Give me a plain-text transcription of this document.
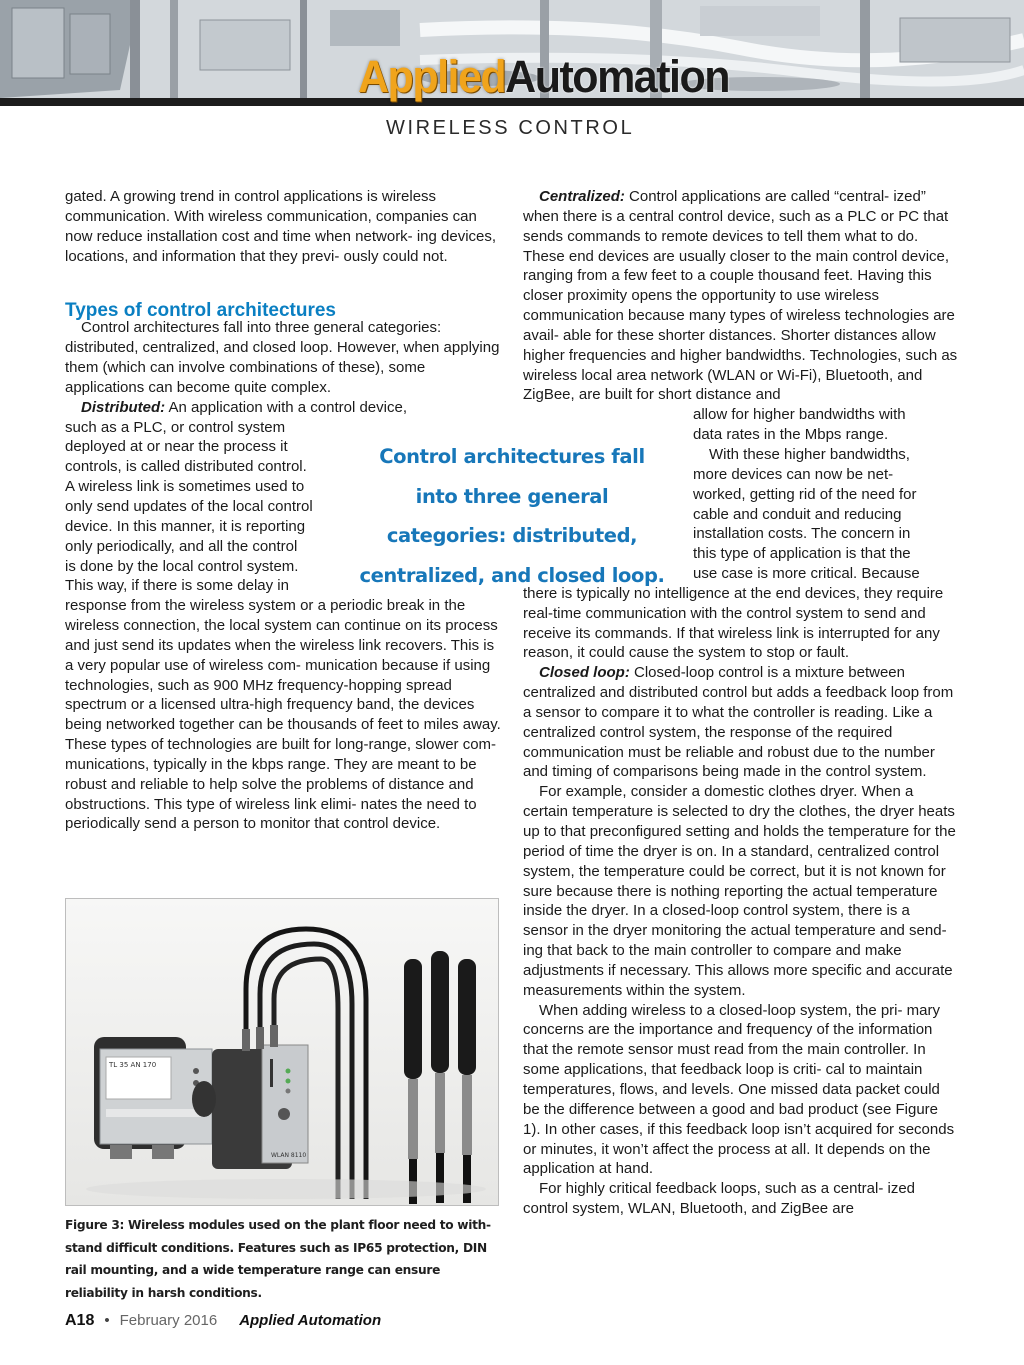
AppliedAutomation
WIRELESS CONTROL

gated. A growing trend in control applications is wireless communication. With wireless communication, companies can now reduce installation cost and time when network- ing devices, locations, and information that they previ- ously could not.

Control architectures fall into three general categories: distributed, centralized, and closed loop. However, when applying them (which can involve combinations of these), some applications can become quite complex.

Distributed: An application with a control device,

such as a PLC, or control system
deployed at or near the process it
controls, is called distributed control.
A wireless link is sometimes used to
only send updates of the local control
device. In this manner, it is reporting
only periodically, and all the control
is done by the local control system.
This way, if there is some delay in

response from the wireless system or a periodic break in the wireless connection, the local system can continue on its process and just send its updates when the wireless link recovers. This is a very popular use of wireless com- munication because if using technologies, such as 900 MHz frequency-hopping spread spectrum or a licensed ultra-high frequency band, the devices being networked together can be thousands of feet to miles away. These types of technologies are built for long-range, slower com- munications, typically in the kbps range. They are meant to be robust and reliable to help solve the problems of distance and obstructions. This type of wireless link elimi- nates the need to periodically send a person to monitor that control device.

Types of control architectures
Control architectures fall into three general categories: distributed, centralized, and closed loop.
TL 35 AN 170
WLAN 8110
Figure 3: Wireless modules used on the plant floor need to with- stand difficult conditions. Features such as IP65 protection, DIN rail mounting, and a wide temperature range can ensure reliability in harsh conditions.

Centralized: Control applications are called “central- ized” when there is a central control device, such as a PLC or PC that sends commands to remote devices to tell them what to do. These end devices are usually closer to the main control device, ranging from a few feet to a couple thousand feet. Having this closer proximity opens the opportunity to use wireless communication because many types of wireless technologies are avail- able for these shorter distances. Shorter distances allow higher frequencies and higher bandwidths. Technologies, such as wireless local area network (WLAN or Wi-Fi), Bluetooth, and ZigBee, are built for short distance and

allow for higher bandwidths with
data rates in the Mbps range.
With these higher bandwidths,
more devices can now be net-
worked, getting rid of the need for
cable and conduit and reducing
installation costs. The concern in
this type of application is that the
use case is more critical. Because

there is typically no intelligence at the end devices, they require real-time communication with the control system to send and receive its commands. If that wireless link is interrupted for any reason, it could cause the system to stop or fault.

Closed loop: Closed-loop control is a mixture between centralized and distributed control but adds a feedback loop from a sensor to compare it to what the controller is reading. Like a centralized control system, the response of the required communication must be reliable and robust due to the number and timing of comparisons being made in the control system.

For example, consider a domestic clothes dryer. When a certain temperature is selected to dry the clothes, the dryer heats up to that preconfigured setting and holds the temperature for the period of time the dryer is on. In a standard, centralized control system, the temperature could be correct, but it is not known for sure because there is nothing reporting the actual temperature inside the dryer. In a closed-loop control system, there is a sensor in the dryer monitoring the actual temperature and send- ing that back to the main controller to compare and make adjustments if necessary. This allows more specific and accurate measurements within the system.

When adding wireless to a closed-loop system, the pri- mary concerns are the importance and frequency of the information that the remote sensor must read from the main controller. In some applications, that feedback loop is criti- cal to maintain temperatures, flows, and levels. One missed data packet could be the difference between a good and bad product (see Figure 1). In other cases, if this feedback loop isn’t acquired for seconds or minutes, it won’t affect the process at all. It depends on the application at hand.

For highly critical feedback loops, such as a central- ized control system, WLAN, Bluetooth, and ZigBee are

A18 • February 2016 Applied Automation
